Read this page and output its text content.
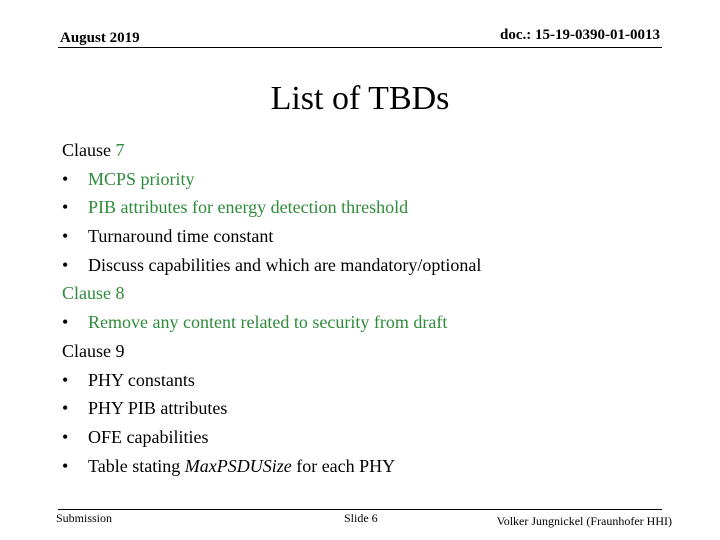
August 2019	doc.: 15-19-0390-01-0013
List of TBDs
Clause 7
• MCPS priority
• PIB attributes for energy detection threshold
• Turnaround time constant
• Discuss capabilities and which are mandatory/optional
Clause 8
• Remove any content related to security from draft
Clause 9
• PHY constants
• PHY PIB attributes
• OFE capabilities
• Table stating MaxPSDUSize for each PHY
Submission	Slide 6	Volker Jungnickel (Fraunhofer HHI)
